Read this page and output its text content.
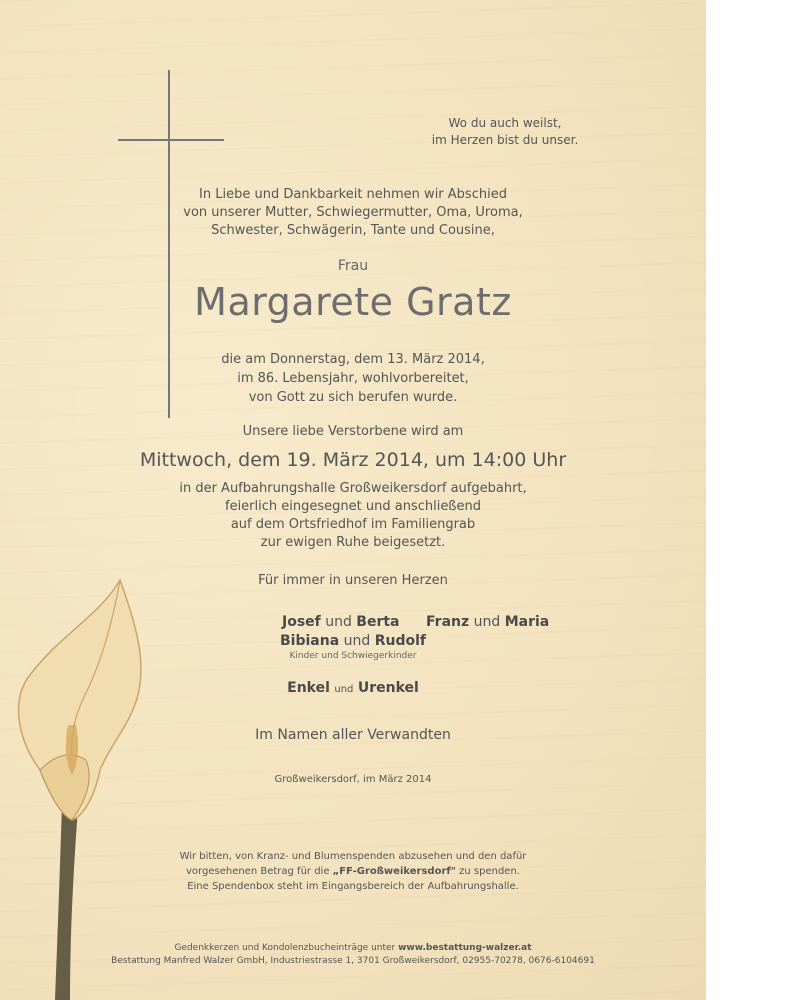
Wo du auch weilst,
im Herzen bist du unser.
In Liebe und Dankbarkeit nehmen wir Abschied
von unserer Mutter, Schwiegermutter, Oma, Uroma,
Schwester, Schwägerin, Tante und Cousine,
Frau
Margarete Gratz
die am Donnerstag, dem 13. März 2014,
im 86. Lebensjahr, wohlvorbereitet,
von Gott zu sich berufen wurde.
Unsere liebe Verstorbene wird am
Mittwoch, dem 19. März 2014, um 14:00 Uhr
in der Aufbahrungshalle Großweikersdorf aufgebahrt,
feierlich eingesegnet und anschließend
auf dem Ortsfriedhof im Familiengrab
zur ewigen Ruhe beigesetzt.
Für immer in unseren Herzen
Josef und Berta Franz und Maria
Bibiana und Rudolf
Kinder und Schwiegerkinder
Enkel und Urenkel
Im Namen aller Verwandten
Großweikersdorf, im März 2014
Wir bitten, von Kranz- und Blumenspenden abzusehen und den dafür
vorgesehenen Betrag für die „FF-Großweikersdorf" zu spenden.
Eine Spendenbox steht im Eingangsbereich der Aufbahrungshalle.
Gedenkkerzen und Kondolenzbucheinträge unter www.bestattung-walzer.at
Bestattung Manfred Walzer GmbH, Industriestrasse 1, 3701 Großweikersdorf, 02955-70278, 0676-6104691
